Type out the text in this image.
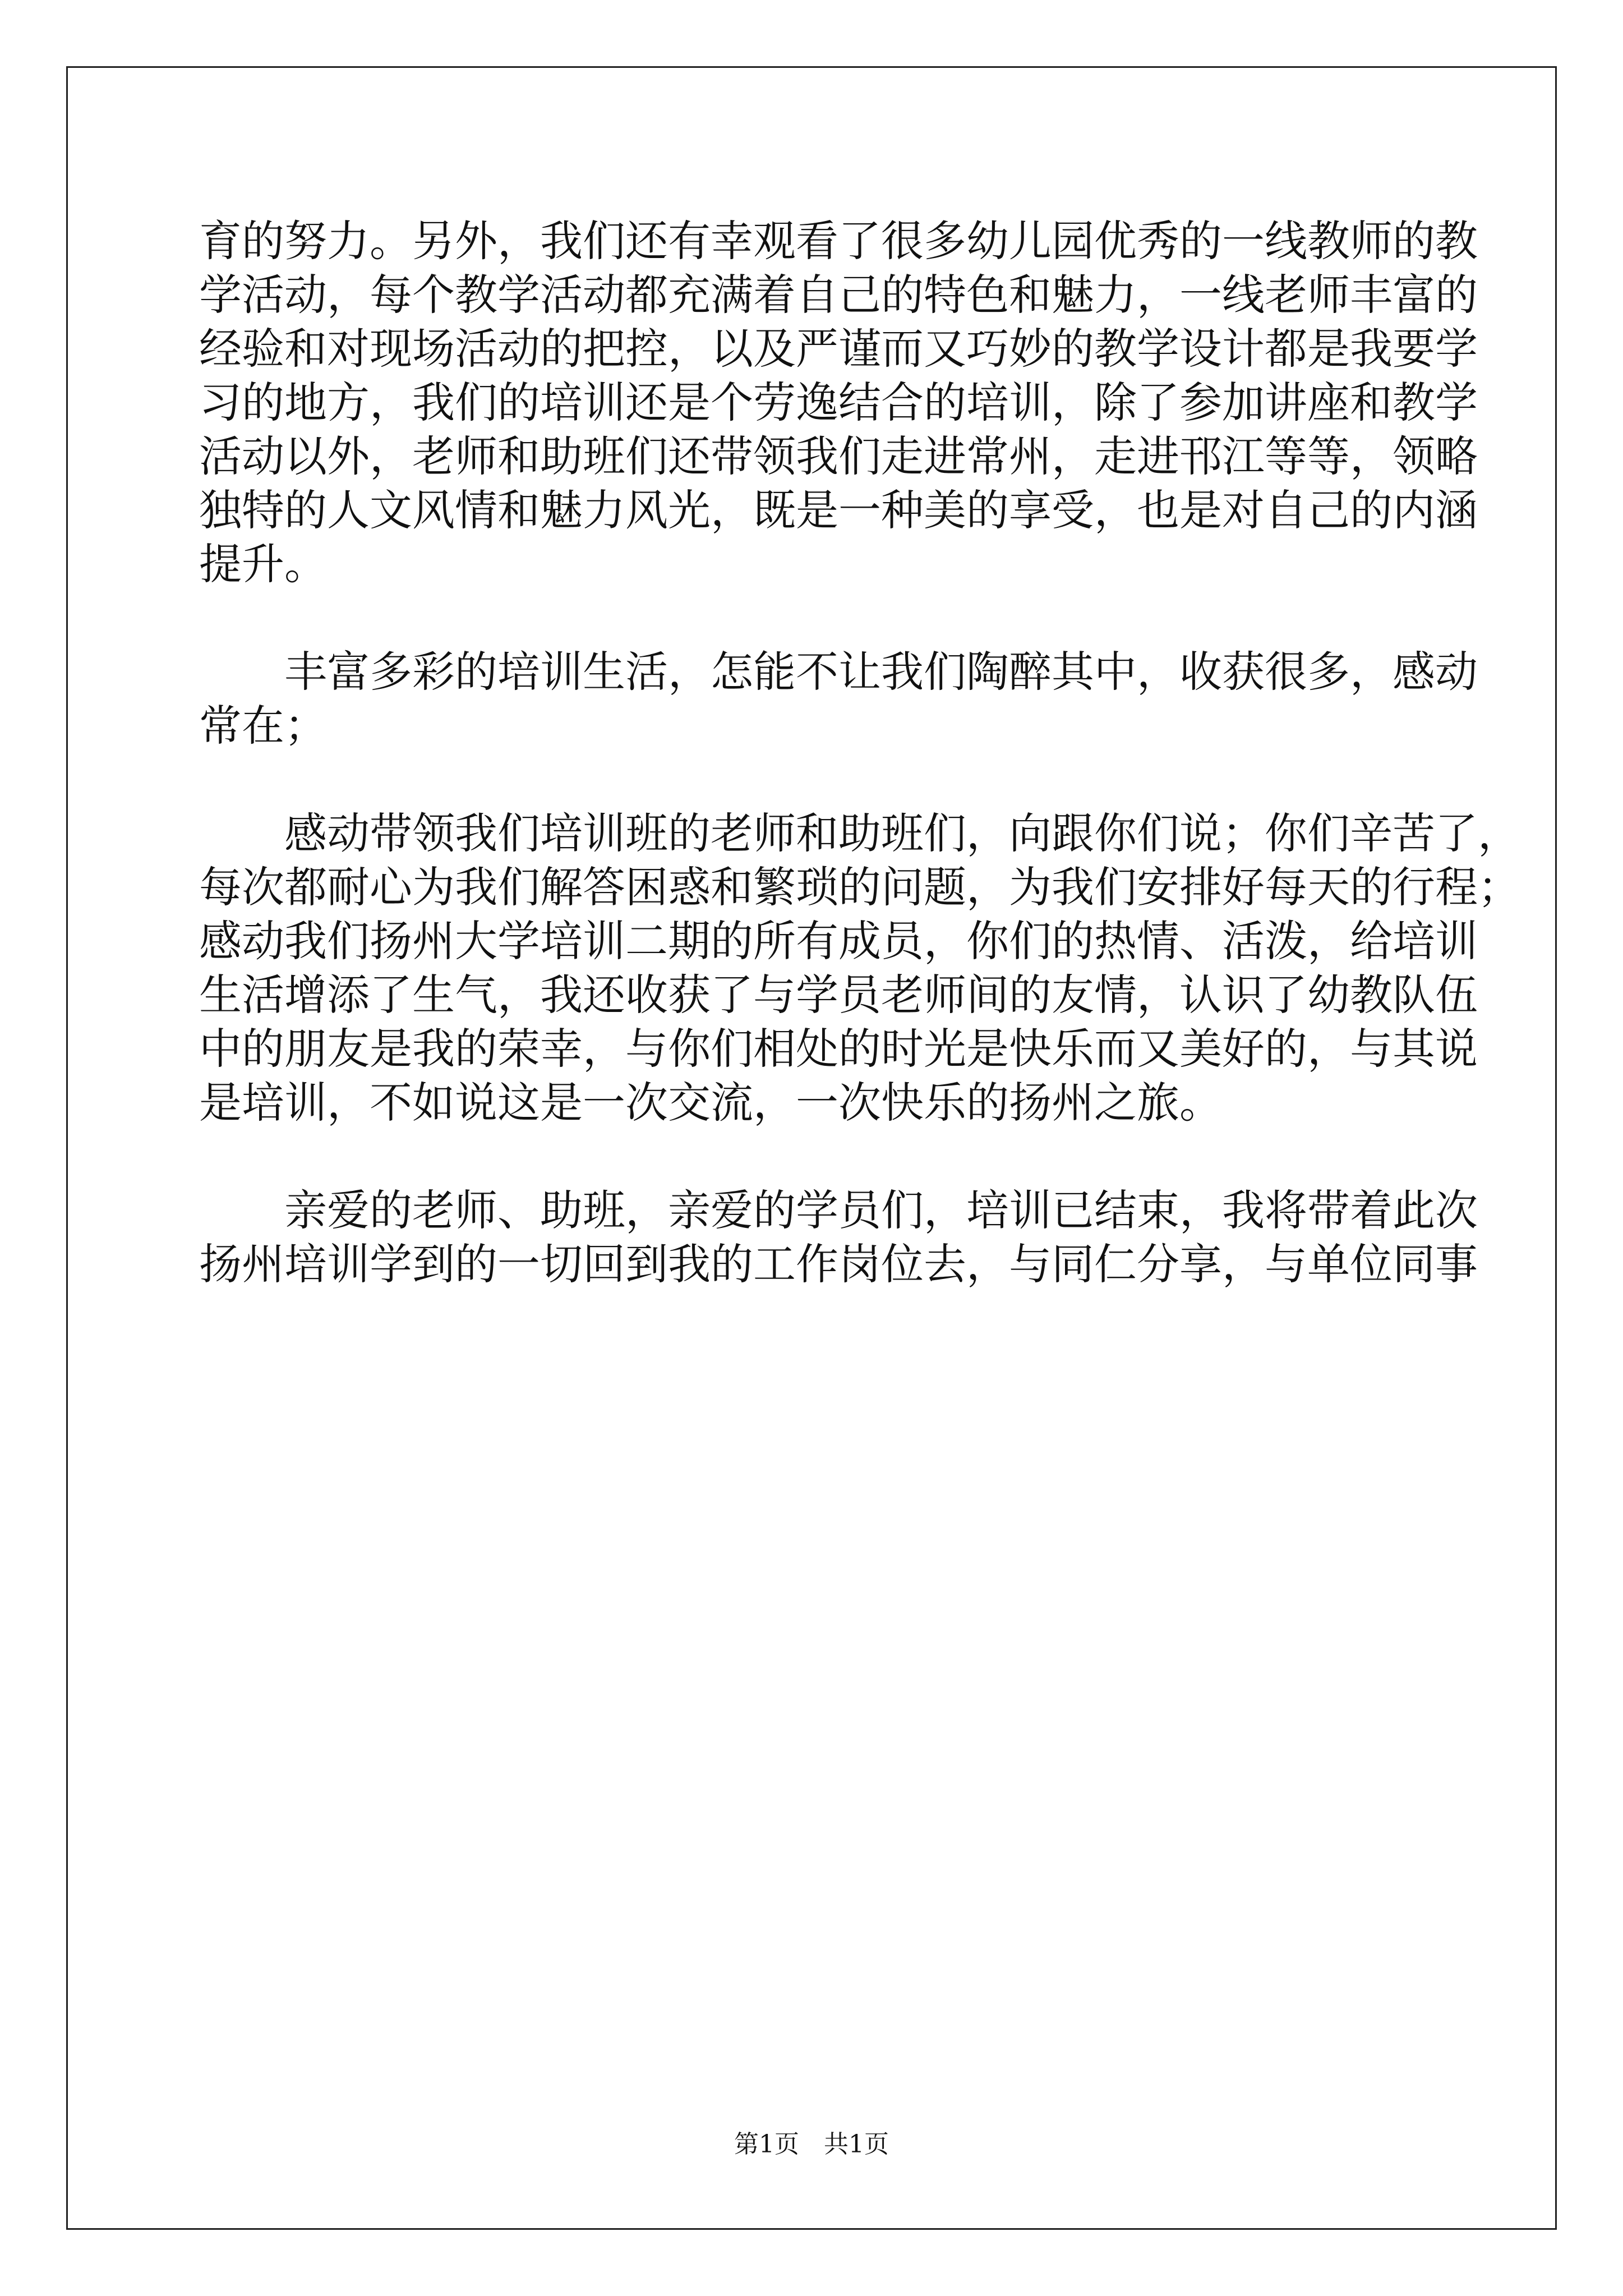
育的努力。另外，我们还有幸观看了很多幼儿园优秀的一线教师的教
学活动，每个教学活动都充满着自己的特色和魅力，一线老师丰富的
经验和对现场活动的把控，以及严谨而又巧妙的教学设计都是我要学
习的地方，我们的培训还是个劳逸结合的培训，除了参加讲座和教学
活动以外，老师和助班们还带领我们走进常州，走进邗江等等，领略
独特的人文风情和魅力风光，既是一种美的享受，也是对自己的内涵
提升。
　　丰富多彩的培训生活，怎能不让我们陶醉其中，收获很多，感动
常在；
　　感动带领我们培训班的老师和助班们，向跟你们说；你们辛苦了，
每次都耐心为我们解答困惑和繁琐的问题，为我们安排好每天的行程；
感动我们扬州大学培训二期的所有成员，你们的热情、活泼，给培训
生活增添了生气，我还收获了与学员老师间的友情，认识了幼教队伍
中的朋友是我的荣幸，与你们相处的时光是快乐而又美好的，与其说
是培训，不如说这是一次交流，一次快乐的扬州之旅。
　　亲爱的老师、助班，亲爱的学员们，培训已结束，我将带着此次
扬州培训学到的一切回到我的工作岗位去，与同仁分享，与单位同事
第1页　共1页
